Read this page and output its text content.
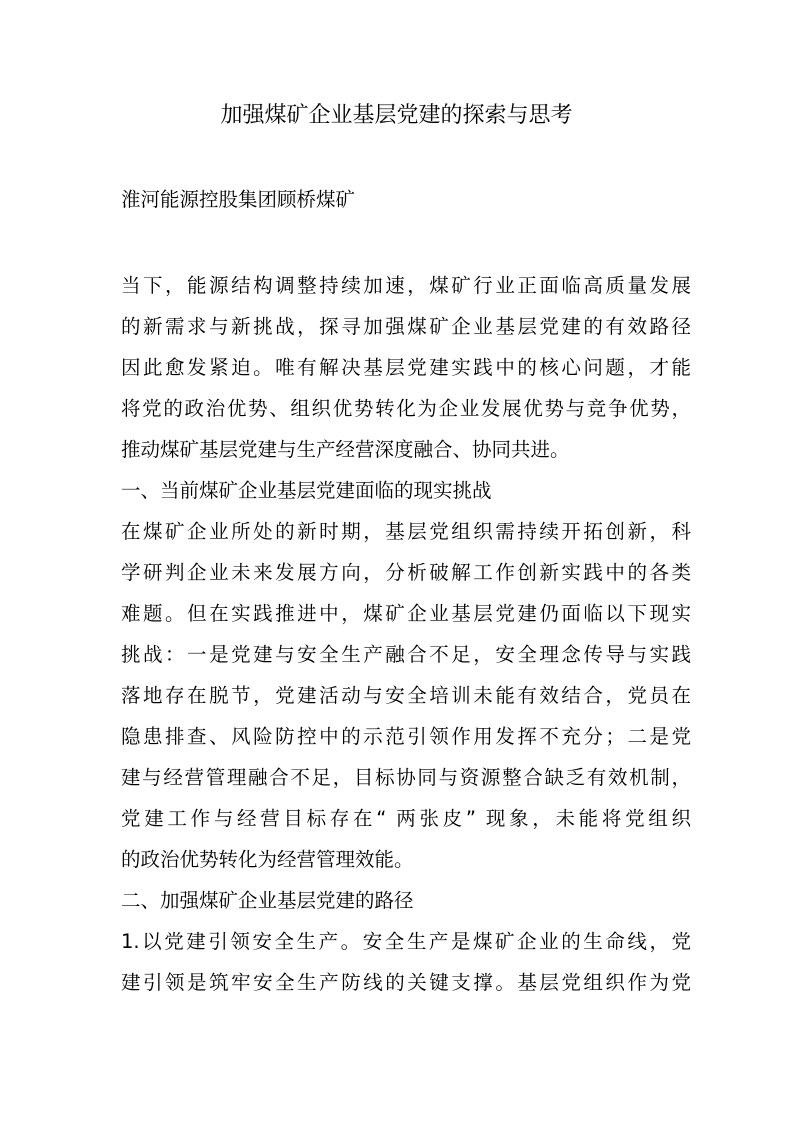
加强煤矿企业基层党建的探索与思考
淮河能源控股集团顾桥煤矿
当下，能源结构调整持续加速，煤矿行业正面临高质量发展
的新需求与新挑战，探寻加强煤矿企业基层党建的有效路径
因此愈发紧迫。唯有解决基层党建实践中的核心问题，才能
将党的政治优势、组织优势转化为企业发展优势与竞争优势，
推动煤矿基层党建与生产经营深度融合、协同共进。
一、当前煤矿企业基层党建面临的现实挑战
在煤矿企业所处的新时期，基层党组织需持续开拓创新，科
学研判企业未来发展方向，分析破解工作创新实践中的各类
难题。但在实践推进中，煤矿企业基层党建仍面临以下现实
挑战：一是党建与安全生产融合不足，安全理念传导与实践
落地存在脱节，党建活动与安全培训未能有效结合，党员在
隐患排查、风险防控中的示范引领作用发挥不充分；二是党
建与经营管理融合不足，目标协同与资源整合缺乏有效机制，
党建工作与经营目标存在“ 两张皮” 现象，未能将党组织
的政治优势转化为经营管理效能。
二、加强煤矿企业基层党建的路径
1.以党建引领安全生产。安全生产是煤矿企业的生命线，党
建引领是筑牢安全生产防线的关键支撑。基层党组织作为党
